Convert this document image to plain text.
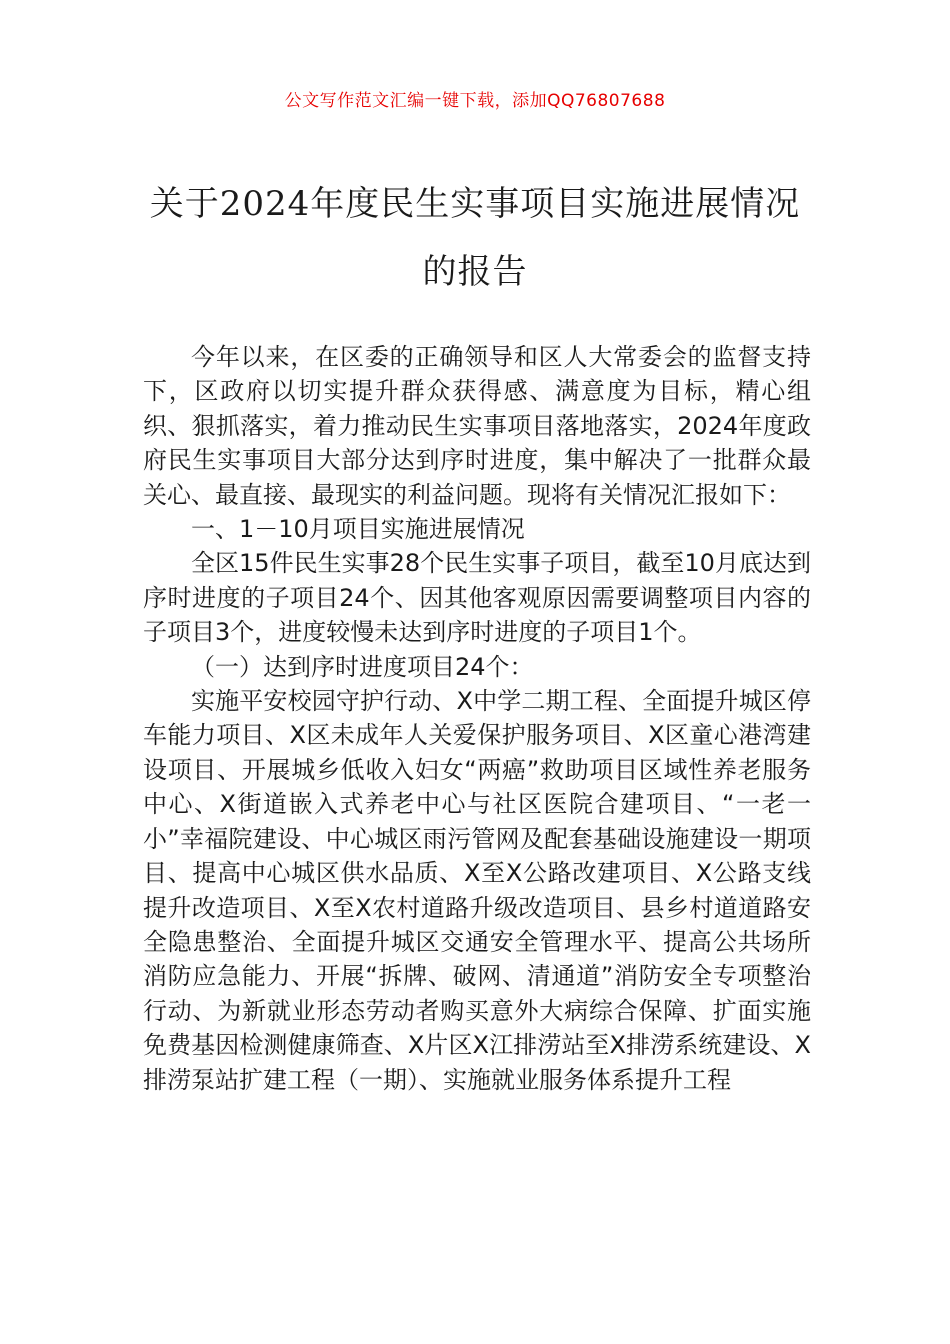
公文写作范文汇编一键下载，添加QQ76807688
关于2024年度民生实事项目实施进展情况
的报告

今年以来，在区委的正确领导和区人大常委会的监督支持下，区政府以切实提升群众获得感、满意度为目标，精心组织、狠抓落实，着力推动民生实事项目落地落实，2024年度政府民生实事项目大部分达到序时进度，集中解决了一批群众最关心、最直接、最现实的利益问题。现将有关情况汇报如下：

一、1－10月项目实施进展情况

全区15件民生实事28个民生实事子项目，截至10月底达到序时进度的子项目24个、因其他客观原因需要调整项目内容的子项目3个，进度较慢未达到序时进度的子项目1个。

（一）达到序时进度项目24个：

实施平安校园守护行动、X中学二期工程、全面提升城区停车能力项目、X区未成年人关爱保护服务项目、X区童心港湾建设项目、开展城乡低收入妇女“两癌”救助项目区域性养老服务中心、X街道嵌入式养老中心与社区医院合建项目、“一老一小”幸福院建设、中心城区雨污管网及配套基础设施建设一期项目、提高中心城区供水品质、X至X公路改建项目、X公路支线提升改造项目、X至X农村道路升级改造项目、县乡村道道路安全隐患整治、全面提升城区交通安全管理水平、提高公共场所消防应急能力、开展“拆牌、破网、清通道”消防安全专项整治行动、为新就业形态劳动者购买意外大病综合保障、扩面实施免费基因检测健康筛查、X片区X江排涝站至X排涝系统建设、X排涝泵站扩建工程（一期）、实施就业服务体系提升工程
